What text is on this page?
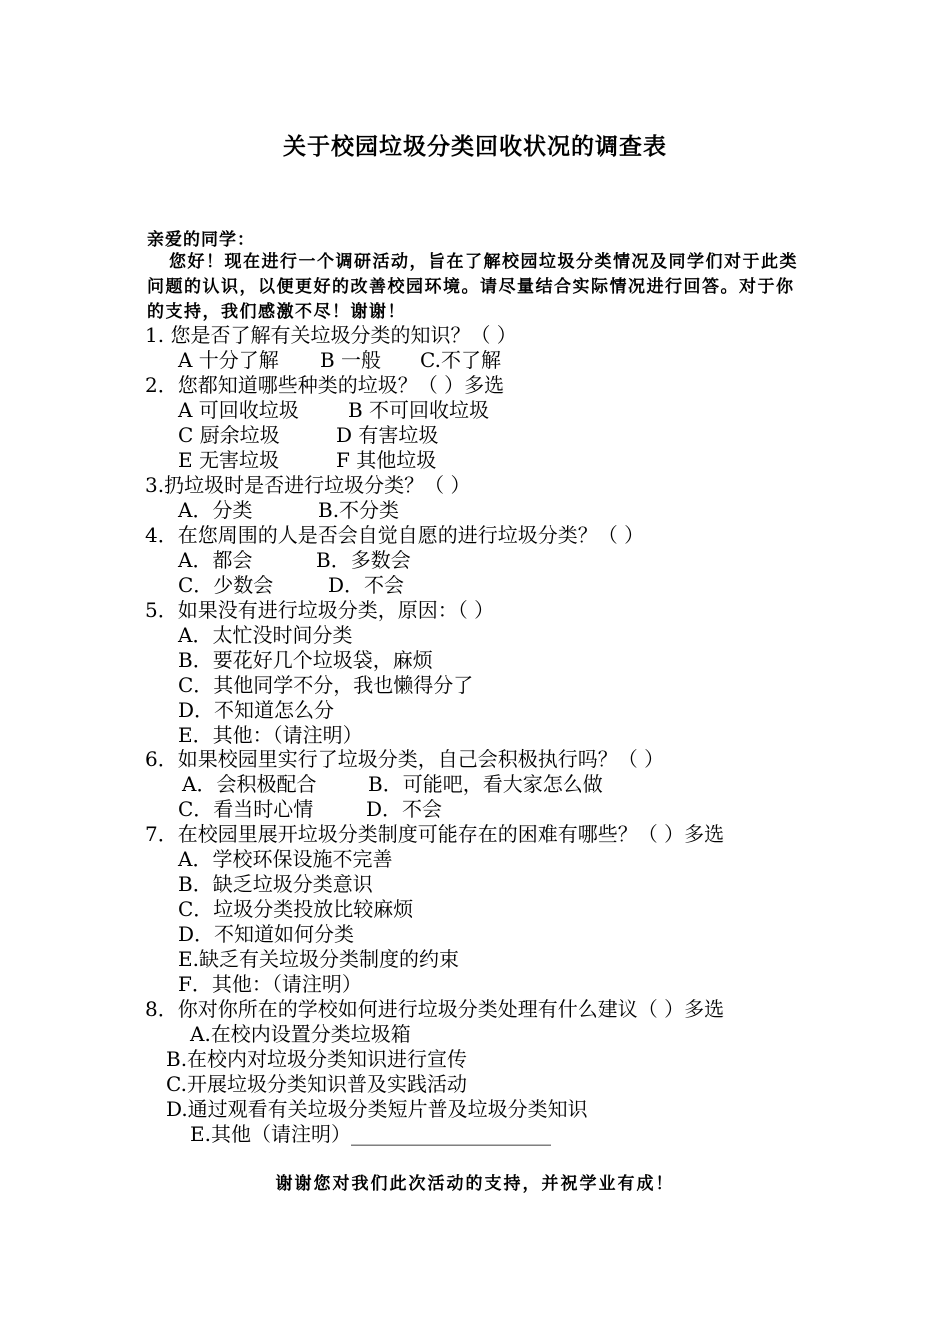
关于校园垃圾分类回收状况的调查表
亲爱的同学：
您好！现在进行一个调研活动，旨在了解校园垃圾分类情况及同学们对于此类问题的认识，以便更好的改善校园环境。请尽量结合实际情况进行回答。对于你的支持，我们感激不尽！谢谢！
1. 您是否了解有关垃圾分类的知识？（ ）
A 十分了解 B 一般 C.不了解
2．您都知道哪些种类的垃圾？（ ）多选
A 可回收垃圾 B 不可回收垃圾
C 厨余垃圾	D 有害垃圾
E 无害垃圾	F 其他垃圾
3.扔垃圾时是否进行垃圾分类？（ ）
A．分类	B.不分类
4．在您周围的人是否会自觉自愿的进行垃圾分类？（ ）
A．都会	B．多数会
C．少数会	D．不会
5．如果没有进行垃圾分类，原因：（ ）
A．太忙没时间分类
B．要花好几个垃圾袋，麻烦
C．其他同学不分，我也懒得分了
D．不知道怎么分
E．其他：（请注明）
6．如果校园里实行了垃圾分类，自己会积极执行吗？（ ）
A．会积极配合	B．可能吧，看大家怎么做
C．看当时心情	D．不会
7．在校园里展开垃圾分类制度可能存在的困难有哪些？（ ）多选
A．学校环保设施不完善
B．缺乏垃圾分类意识
C．垃圾分类投放比较麻烦
D．不知道如何分类
E.缺乏有关垃圾分类制度的约束
F．其他：（请注明）
8．你对你所在的学校如何进行垃圾分类处理有什么建议（ ）多选
A.在校内设置分类垃圾箱
B.在校内对垃圾分类知识进行宣传
C.开展垃圾分类知识普及实践活动
D.通过观看有关垃圾分类短片普及垃圾分类知识
E.其他（请注明）____________________
谢谢您对我们此次活动的支持，并祝学业有成！
